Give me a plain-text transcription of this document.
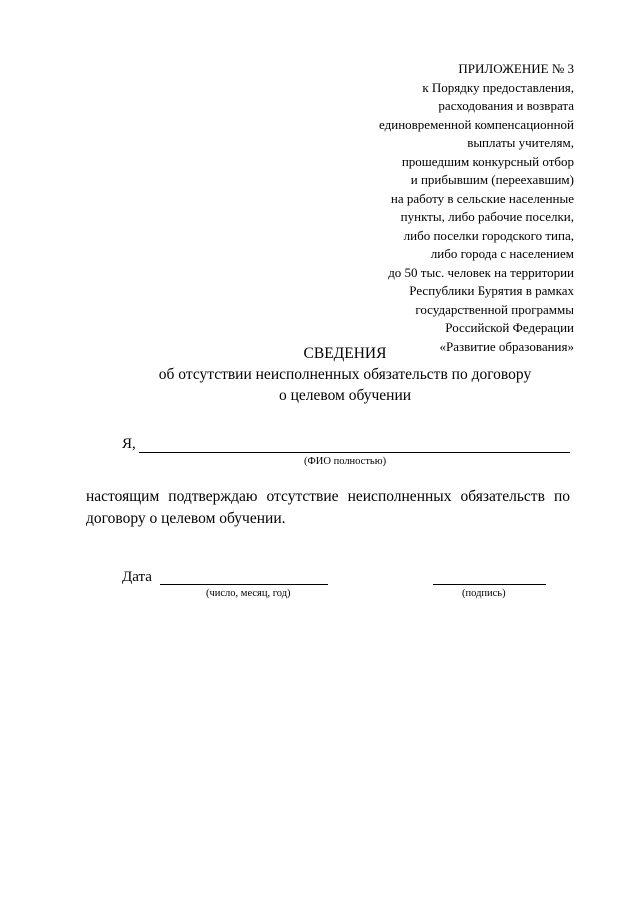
ПРИЛОЖЕНИЕ № 3
к Порядку предоставления,
расходования и возврата
единовременной компенсационной
выплаты учителям,
прошедшим конкурсный отбор
и прибывшим (переехавшим)
на работу в сельские населенные
пункты, либо рабочие поселки,
либо поселки городского типа,
либо города с населением
до 50 тыс. человек на территории
Республики Бурятия в рамках
государственной программы
Российской Федерации
«Развитие образования»
СВЕДЕНИЯ
об отсутствии неисполненных обязательств по договору
о целевом обучении
Я,
(ФИО полностью)
настоящим подтверждаю отсутствие неисполненных обязательств по договору о целевом обучении.
Дата
(число, месяц, год)	(подпись)
